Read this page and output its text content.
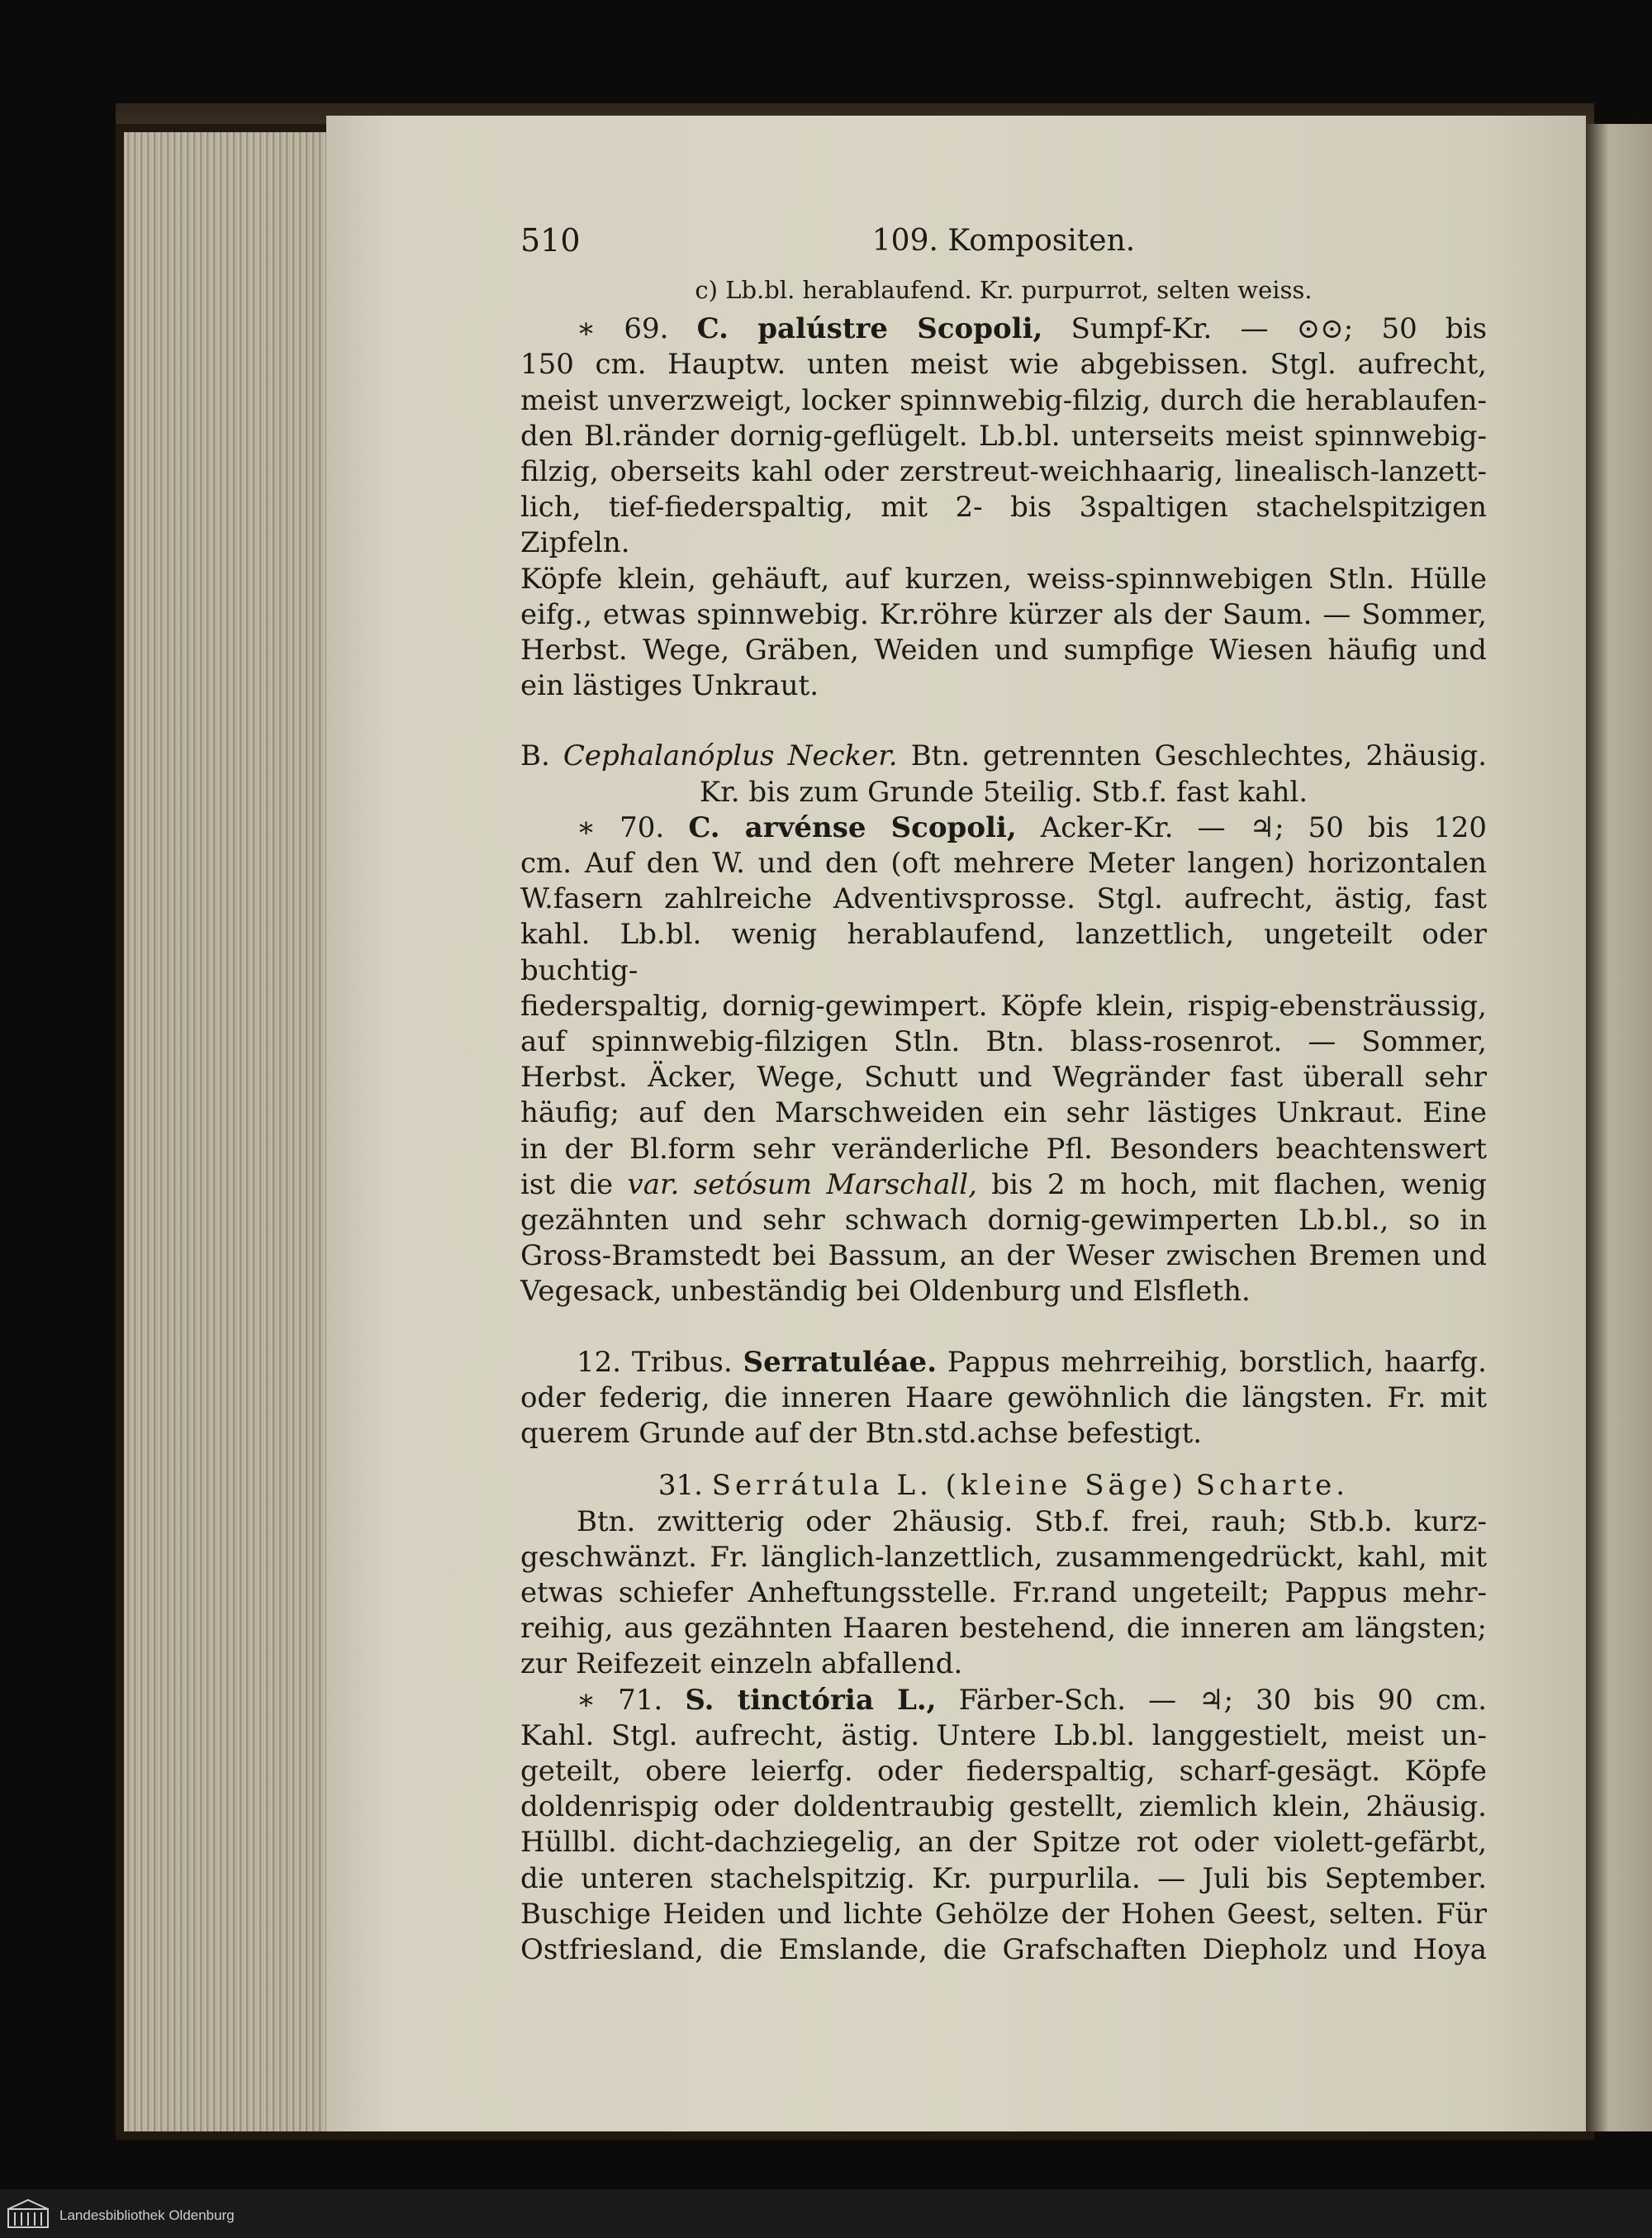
510	109. Kompositen.

c) Lb.bl. herablaufend. Kr. purpurrot, selten weiss.

∗ 69. C. palústre Scopoli, Sumpf-Kr. — ⊙⊙; 50 bis

150 cm. Hauptw. unten meist wie abgebissen. Stgl. aufrecht,

meist unverzweigt, locker spinnwebig-filzig, durch die herablaufen-

den Bl.ränder dornig-geflügelt. Lb.bl. unterseits meist spinnwebig-

filzig, oberseits kahl oder zerstreut-weichhaarig, linealisch-lanzett-

lich, tief-fiederspaltig, mit 2- bis 3spaltigen stachelspitzigen Zipfeln.

Köpfe klein, gehäuft, auf kurzen, weiss-spinnwebigen Stln. Hülle

eifg., etwas spinnwebig. Kr.röhre kürzer als der Saum. — Sommer,

Herbst. Wege, Gräben, Weiden und sumpfige Wiesen häufig und

ein lästiges Unkraut.

B. Cephalanóplus Necker. Btn. getrennten Geschlechtes, 2häusig.

Kr. bis zum Grunde 5teilig. Stb.f. fast kahl.

∗ 70. C. arvénse Scopoli, Acker-Kr. — ♃; 50 bis 120

cm. Auf den W. und den (oft mehrere Meter langen) horizontalen

W.fasern zahlreiche Adventivsprosse. Stgl. aufrecht, ästig, fast

kahl. Lb.bl. wenig herablaufend, lanzettlich, ungeteilt oder buchtig-

fiederspaltig, dornig-gewimpert. Köpfe klein, rispig-ebensträussig,

auf spinnwebig-filzigen Stln. Btn. blass-rosenrot. — Sommer,

Herbst. Äcker, Wege, Schutt und Wegränder fast überall sehr

häufig; auf den Marschweiden ein sehr lästiges Unkraut. Eine

in der Bl.form sehr veränderliche Pfl. Besonders beachtenswert

ist die var. setósum Marschall, bis 2 m hoch, mit flachen, wenig

gezähnten und sehr schwach dornig-gewimperten Lb.bl., so in

Gross-Bramstedt bei Bassum, an der Weser zwischen Bremen und

Vegesack, unbeständig bei Oldenburg und Elsfleth.

12. Tribus. Serratuléae. Pappus mehrreihig, borstlich, haarfg.

oder federig, die inneren Haare gewöhnlich die längsten. Fr. mit

querem Grunde auf der Btn.std.achse befestigt.

31. Serrátula L. (kleine Säge) Scharte.

Btn. zwitterig oder 2häusig. Stb.f. frei, rauh; Stb.b. kurz-

geschwänzt. Fr. länglich-lanzettlich, zusammengedrückt, kahl, mit

etwas schiefer Anheftungsstelle. Fr.rand ungeteilt; Pappus mehr-

reihig, aus gezähnten Haaren bestehend, die inneren am längsten;

zur Reifezeit einzeln abfallend.

∗ 71. S. tinctória L., Färber-Sch. — ♃; 30 bis 90 cm.

Kahl. Stgl. aufrecht, ästig. Untere Lb.bl. langgestielt, meist un-

geteilt, obere leierfg. oder fiederspaltig, scharf-gesägt. Köpfe

doldenrispig oder doldentraubig gestellt, ziemlich klein, 2häusig.

Hüllbl. dicht-dachziegelig, an der Spitze rot oder violett-gefärbt,

die unteren stachelspitzig. Kr. purpurlila. — Juli bis September.

Buschige Heiden und lichte Gehölze der Hohen Geest, selten. Für

Ostfriesland, die Emslande, die Grafschaften Diepholz und Hoya

Landesbibliothek Oldenburg
